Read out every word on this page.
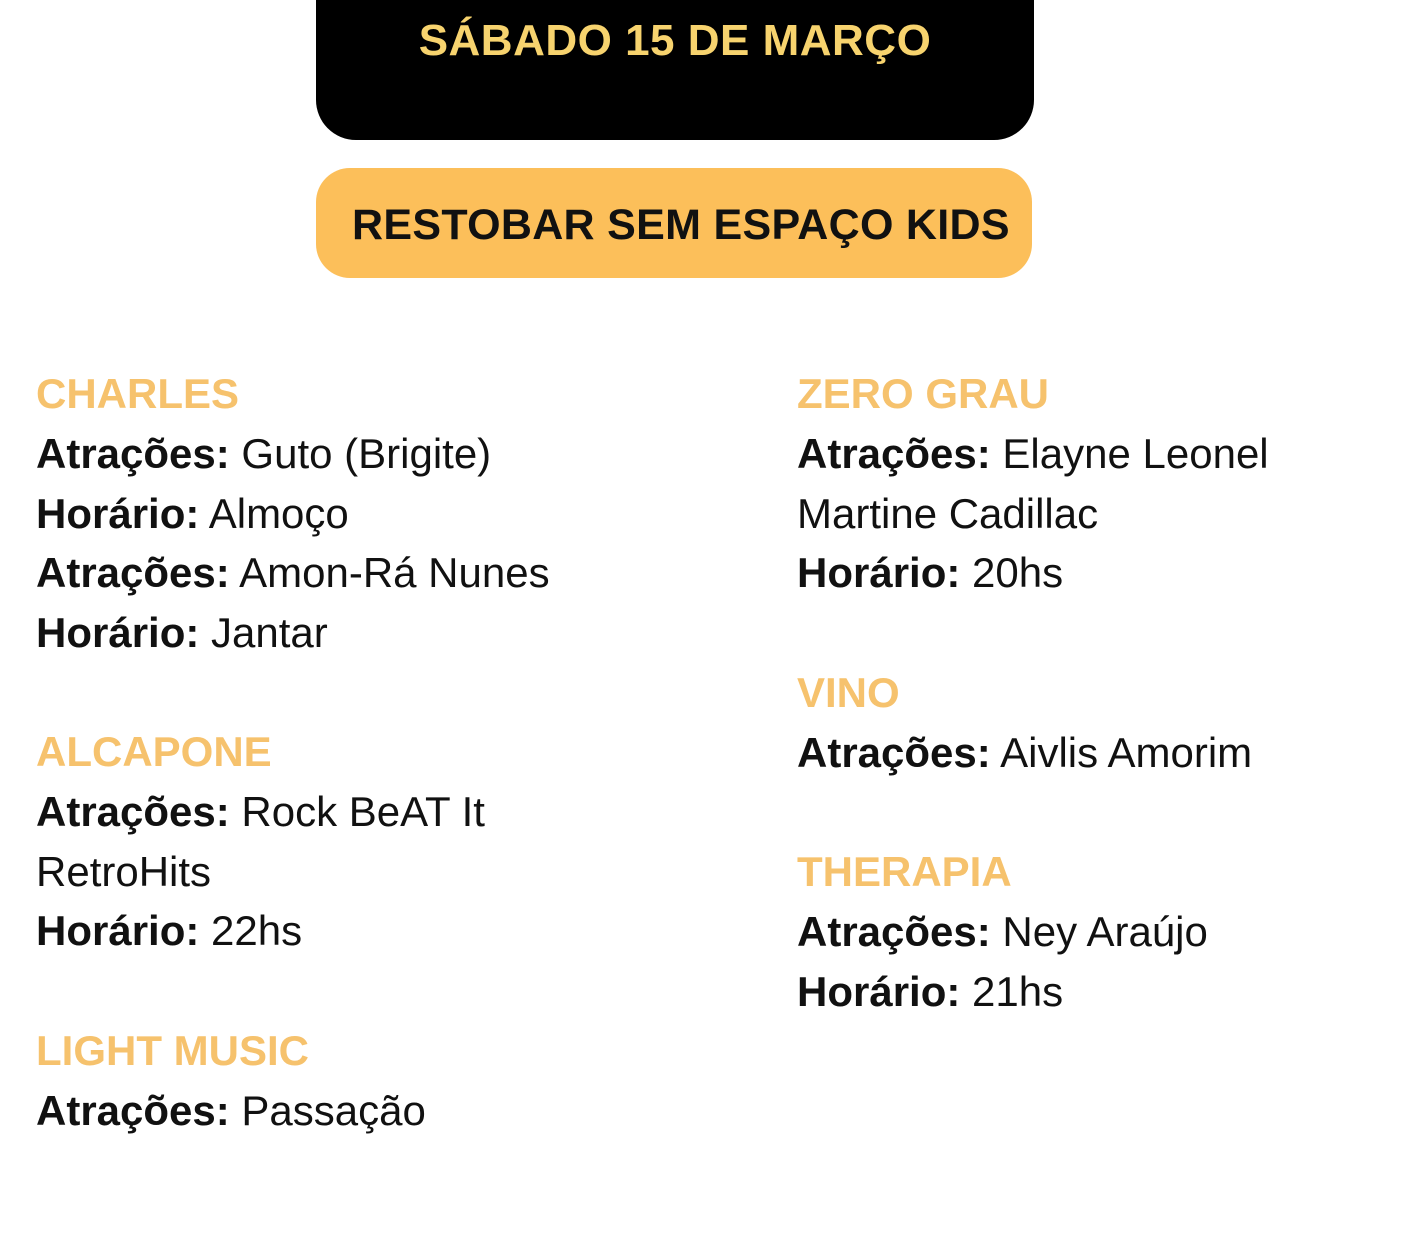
SÁBADO 15 DE MARÇO
RESTOBAR SEM ESPAÇO KIDS
CHARLES
Atrações: Guto (Brigite)
Horário: Almoço
Atrações: Amon-Rá Nunes
Horário: Jantar
ALCAPONE
Atrações: Rock BeAT It
RetroHits
Horário: 22hs
LIGHT MUSIC
Atrações: Passação
ZERO GRAU
Atrações: Elayne Leonel
Martine Cadillac
Horário: 20hs
VINO
Atrações: Aivlis Amorim
THERAPIA
Atrações: Ney Araújo
Horário: 21hs
